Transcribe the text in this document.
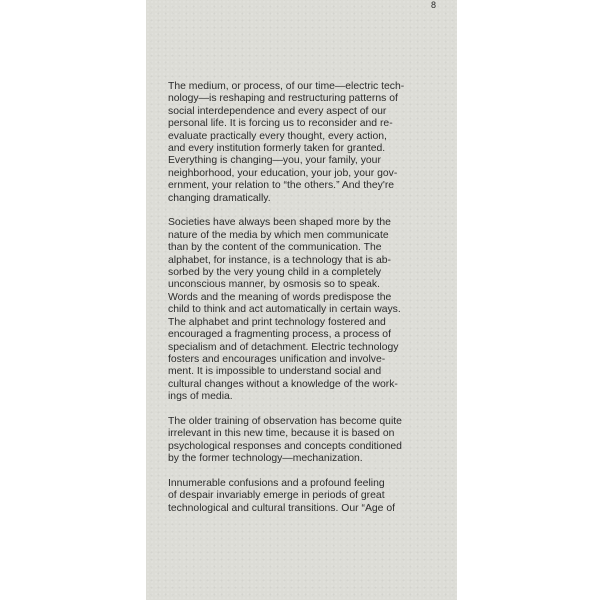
8

The medium, or process, of our time—electric tech-
nology—is reshaping and restructuring patterns of
social interdependence and every aspect of our
personal life. It is forcing us to reconsider and re-
evaluate practically every thought, every action,
and every institution formerly taken for granted.
Everything is changing—you, your family, your
neighborhood, your education, your job, your gov-
ernment, your relation to “the others.” And they're
changing dramatically.

Societies have always been shaped more by the
nature of the media by which men communicate
than by the content of the communication. The
alphabet, for instance, is a technology that is ab-
sorbed by the very young child in a completely
unconscious manner, by osmosis so to speak.
Words and the meaning of words predispose the
child to think and act automatically in certain ways.
The alphabet and print technology fostered and
encouraged a fragmenting process, a process of
specialism and of detachment. Electric technology
fosters and encourages unification and involve-
ment. It is impossible to understand social and
cultural changes without a knowledge of the work-
ings of media.

The older training of observation has become quite
irrelevant in this new time, because it is based on
psychological responses and concepts conditioned
by the former technology—mechanization.

Innumerable confusions and a profound feeling
of despair invariably emerge in periods of great
technological and cultural transitions. Our “Age of
